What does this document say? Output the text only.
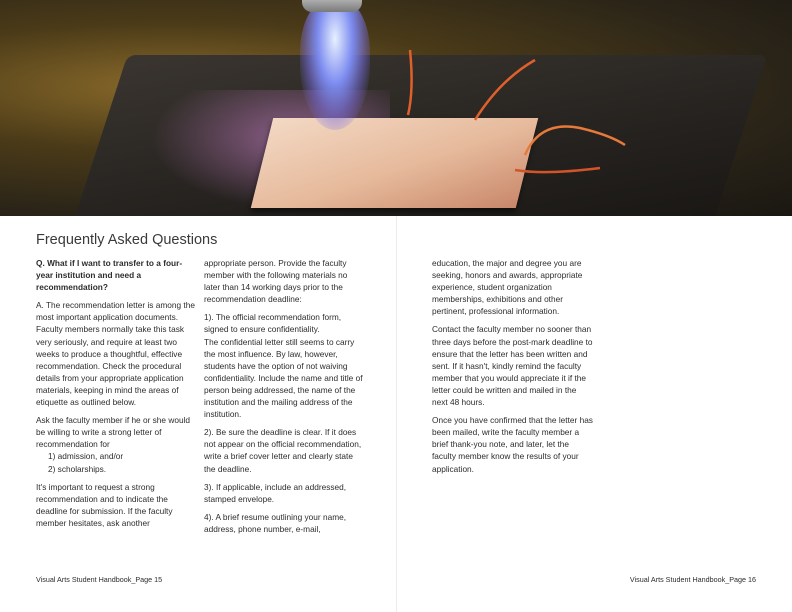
Frequently Asked Questions

Q. What if I want to transfer to a four-year institution and need a recommendation?

A. The recommendation letter is among the most important application documents. Faculty members normally take this task very seriously, and require at least two weeks to produce a thoughtful, effective recommendation. Check the procedural details from your appropriate application materials, keeping in mind the areas of etiquette as outlined below.

Ask the faculty member if he or she would be willing to write a strong letter of recommendation for
1) admission, and/or
2) scholarships.

It's important to request a strong recommendation and to indicate the deadline for submission. If the faculty member hesitates, ask another

appropriate person. Provide the faculty member with the following materials no later than 14 working days prior to the recommendation deadline:

1). The official recommendation form, signed to ensure confidentiality.
The confidential letter still seems to carry the most influence. By law, however, students have the option of not waiving confidentiality. Include the name and title of person being addressed, the name of the institution and the mailing address of the institution.

2). Be sure the deadline is clear. If it does not appear on the official recommendation, write a brief cover letter and clearly state the deadline.

3). If applicable, include an addressed, stamped envelope.

4). A brief resume outlining your name, address, phone number, e-mail,

education, the major and degree you are seeking, honors and awards, appropriate experience, student organization memberships, exhibitions and other pertinent, professional information.

Contact the faculty member no sooner than three days before the post-mark deadline to ensure that the letter has been written and sent. If it hasn't, kindly remind the faculty member that you would appreciate it if the letter could be written and mailed in the next 48 hours.

Once you have confirmed that the letter has been mailed, write the faculty member a brief thank-you note, and later, let the faculty member know the results of your application.

Visual Arts Student Handbook_Page 15	Visual Arts Student Handbook_Page 16
